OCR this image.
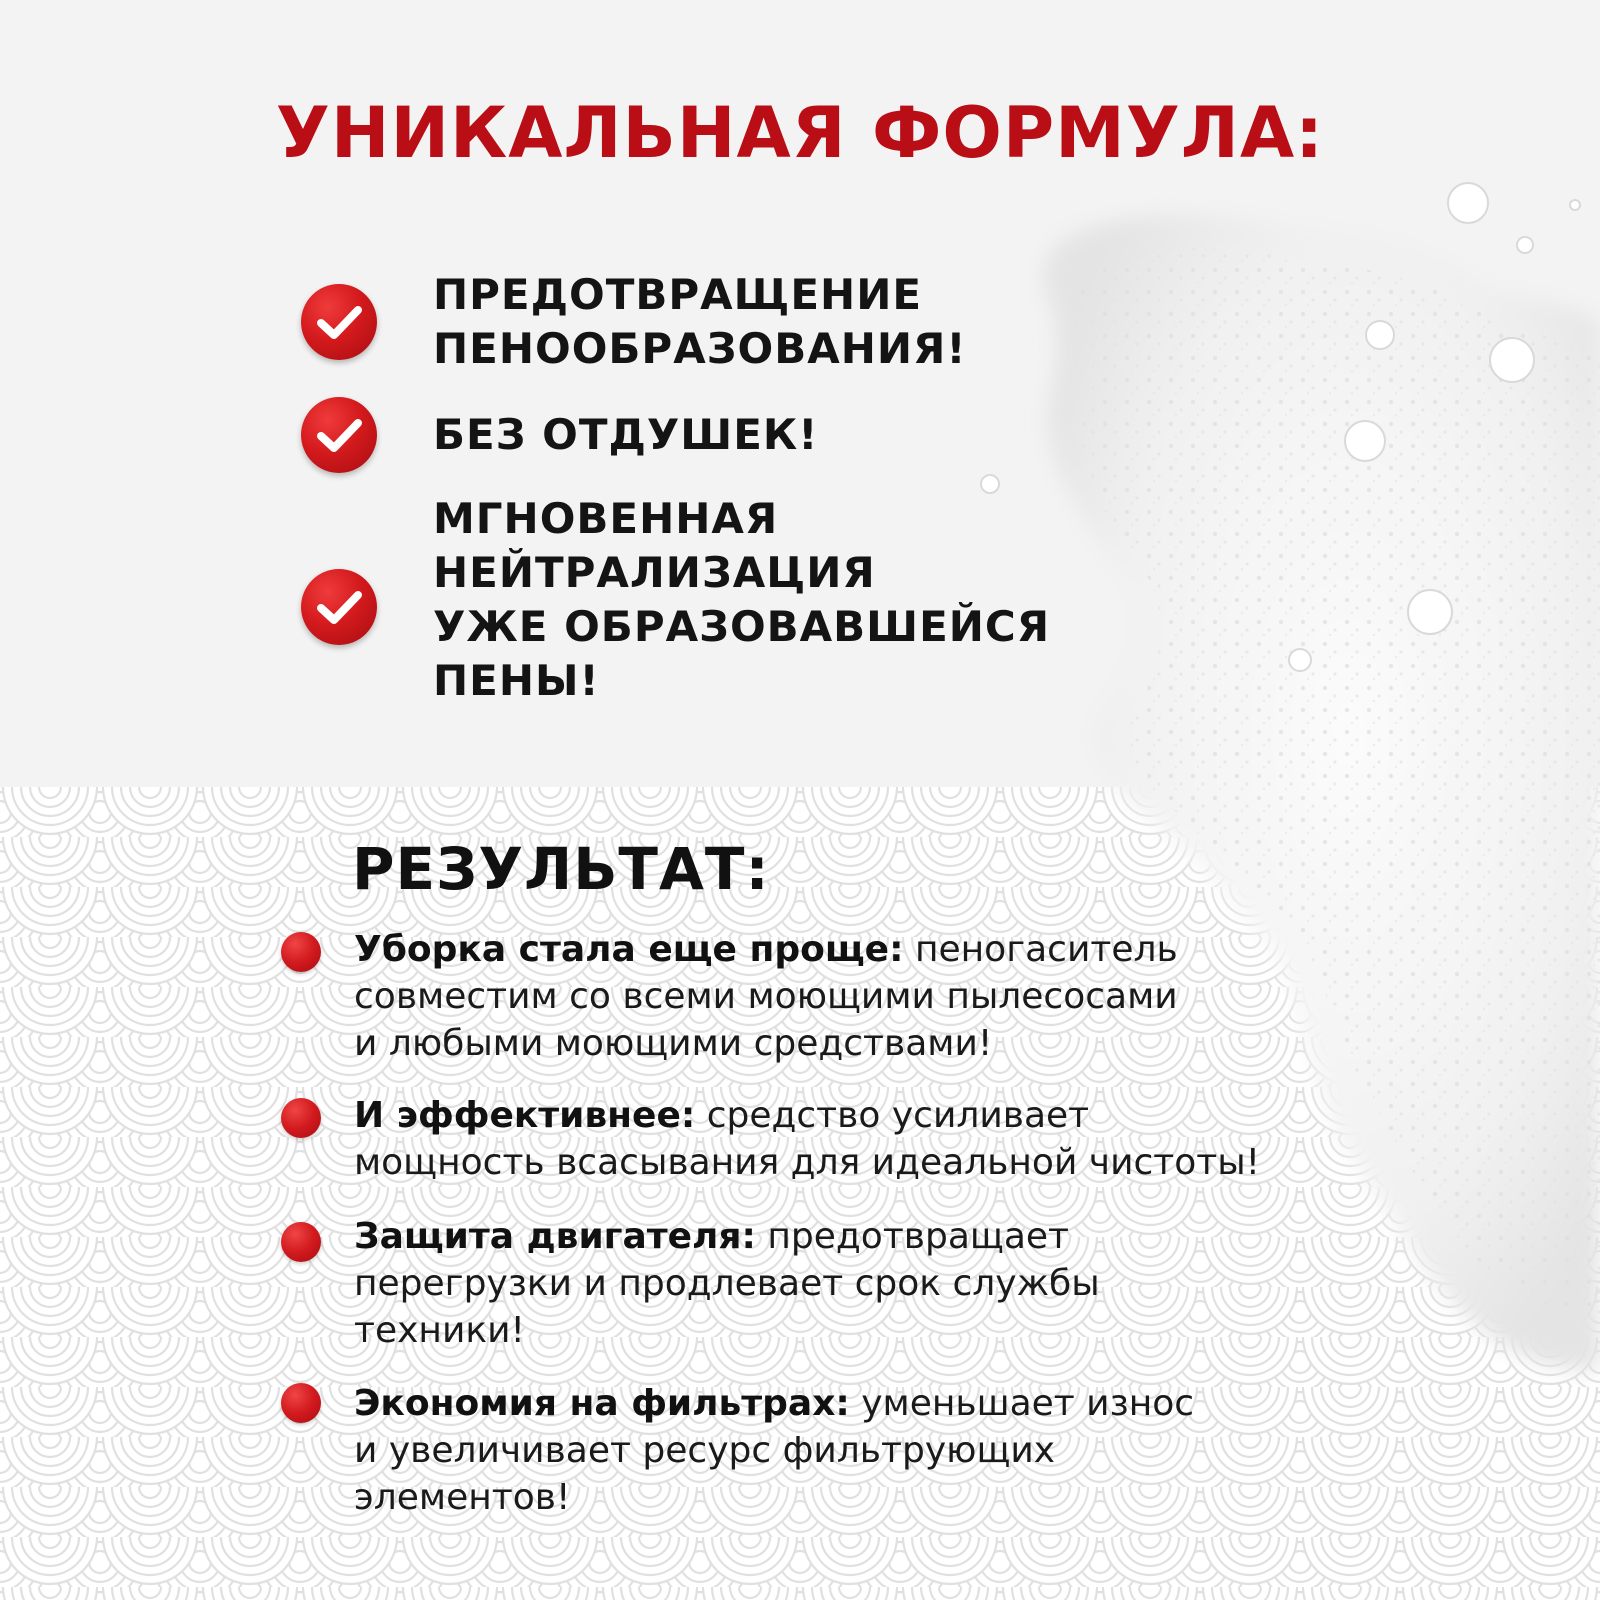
УНИКАЛЬНАЯ ФОРМУЛА:
ПРЕДОТВРАЩЕНИЕ
ПЕНООБРАЗОВАНИЯ!
БЕЗ ОТДУШЕК!
МГНОВЕННАЯ
НЕЙТРАЛИЗАЦИЯ
УЖЕ ОБРАЗОВАВШЕЙСЯ
ПЕНЫ!
РЕЗУЛЬТАТ:
Уборка стала еще проще: пеногаситель
совместим со всеми моющими пылесосами
и любыми моющими средствами!
И эффективнее: средство усиливает
мощность всасывания для идеальной чистоты!
Защита двигателя: предотвращает
перегрузки и продлевает срок службы
техники!
Экономия на фильтрах: уменьшает износ
и увеличивает ресурс фильтрующих
элементов!
